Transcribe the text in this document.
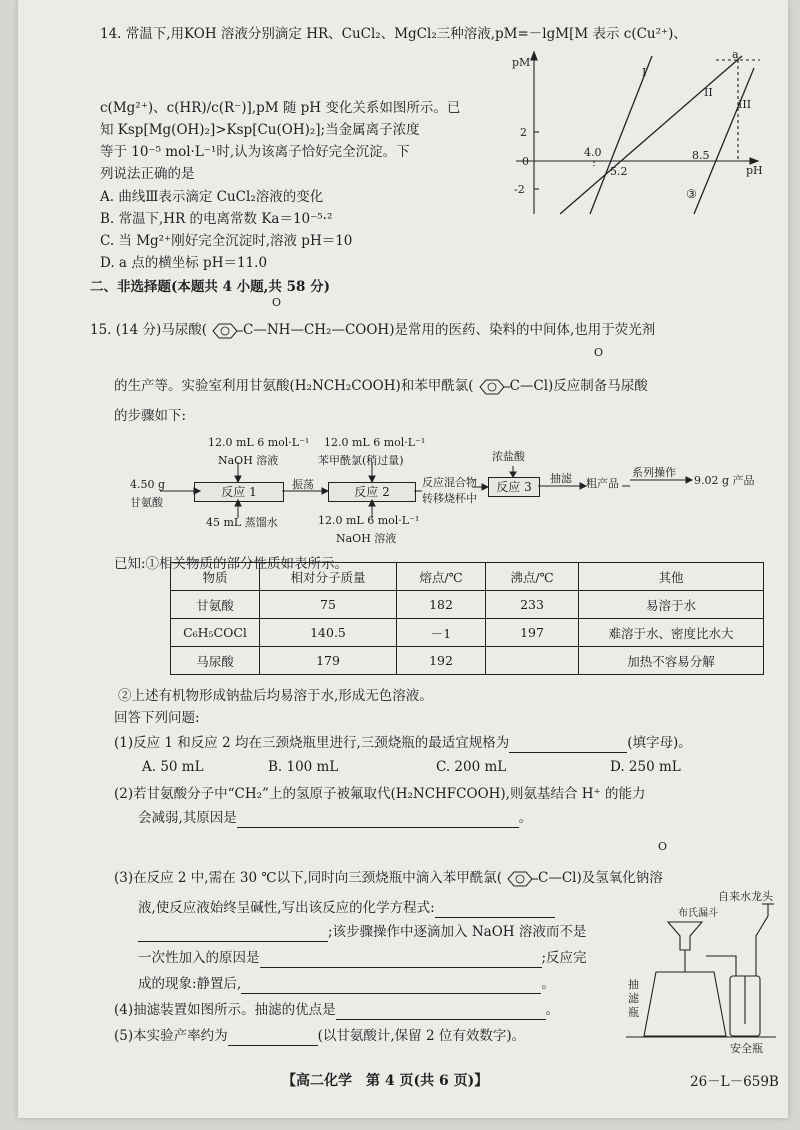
14. 常温下,用KOH 溶液分别滴定 HR、CuCl₂、MgCl₂三种溶液,pM=－lgM[M 表示 c(Cu²⁺)、
c(Mg²⁺)、c(HR)/c(R⁻)],pM 随 pH 变化关系如图所示。已
知 Ksp[Mg(OH)₂]>Ksp[Cu(OH)₂];当金属离子浓度
等于 10⁻⁵ mol·L⁻¹时,认为该离子恰好完全沉淀。下
列说法正确的是
A. 曲线Ⅲ表示滴定 CuCl₂溶液的变化
B. 常温下,HR 的电离常数 Ka＝10⁻⁵·²
C. 当 Mg²⁺刚好完全沉淀时,溶液 pH＝10
D. a 点的横坐标 pH＝11.0
pM
pH
2
0
-2
4.0
5.2
8.5
I
II
III
③
a
二、非选择题(本题共 4 小题,共 58 分)
O
15. (14 分)马尿酸(	C—NH—CH₂—COOH)是常用的医药、染料的中间体,也用于荧光剂
O
的生产等。实验室利用甘氨酸(H₂NCH₂COOH)和苯甲酰氯(	C—Cl)反应制备马尿酸
的步骤如下:
12.0 mL 6 mol·L⁻¹
NaOH 溶液
12.0 mL 6 mol·L⁻¹
苯甲酰氯(稍过量)	浓盐酸
4.50 g
甘氨酸
反应 1
振荡
反应 2
反应混合物
转移烧杯中
反应 3
抽滤 粗产品
系列操作
9.02 g 产品
45 mL 蒸馏水	12.0 mL 6 mol·L⁻¹
NaOH 溶液
已知:①相关物质的部分性质如表所示。
物质	相对分子质量	熔点/℃	沸点/℃	其他
甘氨酸	75	182	233	易溶于水
C₆H₅COCl	140.5	－1	197	难溶于水、密度比水大
马尿酸	179	192		加热不容易分解
②上述有机物形成钠盐后均易溶于水,形成无色溶液。
回答下列问题:
(1)反应 1 和反应 2 均在三颈烧瓶里进行,三颈烧瓶的最适宜规格为	(填字母)。
A. 50 mL	B. 100 mL	C. 200 mL	D. 250 mL
(2)若甘氨酸分子中“CH₂”上的氢原子被氟取代(H₂NCHFCOOH),则氨基结合 H⁺ 的能力
会减弱,其原因是	。
O
(3)在反应 2 中,需在 30 ℃以下,同时向三颈烧瓶中滴入苯甲酰氯(	C—Cl)及氢氧化钠溶
液,使反应液始终呈碱性,写出该反应的化学方程式:
;该步骤操作中逐滴加入 NaOH 溶液而不是
一次性加入的原因是	;反应完
成的现象:静置后,	。
(4)抽滤装置如图所示。抽滤的优点是	。
(5)本实验产率约为	(以甘氨酸计,保留 2 位有效数字)。
布氏漏斗
抽
滤
瓶
自来水龙头
安全瓶
【高二化学　第 4 页(共 6 页)】	26－L－659B
